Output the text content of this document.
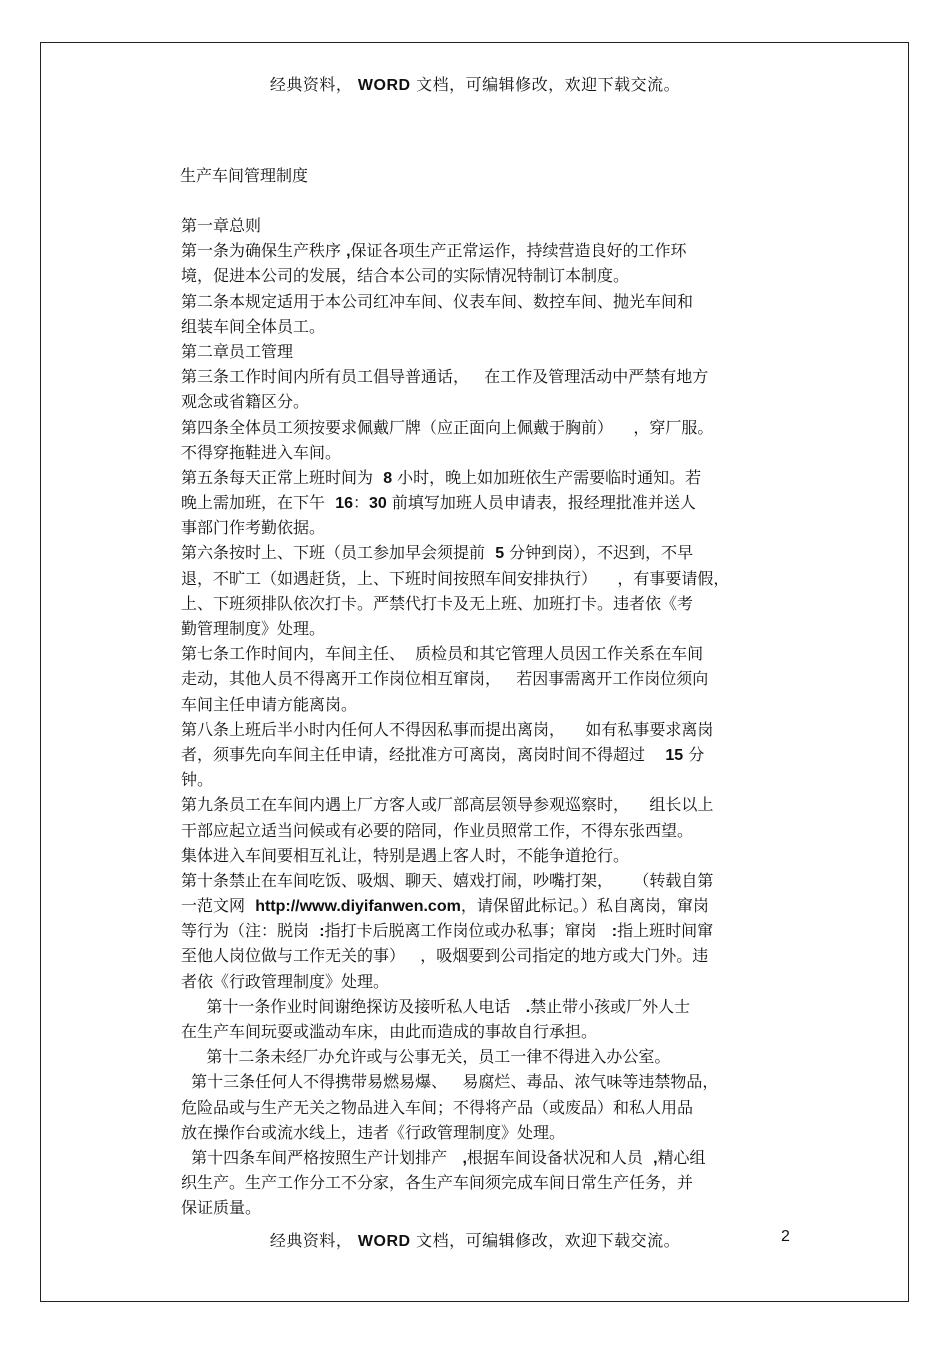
经典资料， WORD 文档，可编辑修改，欢迎下载交流。
生产车间管理制度
第一章总则
第一条为确保生产秩序 ,保证各项生产正常运作，持续营造良好的工作环
境，促进本公司的发展，结合本公司的实际情况特制订本制度。
第二条本规定适用于本公司红冲车间、仪表车间、数控车间、抛光车间和
组装车间全体员工。
第二章员工管理
第三条工作时间内所有员工倡导普通话，   在工作及管理活动中严禁有地方
观念或省籍区分。
第四条全体员工须按要求佩戴厂牌（应正面向上佩戴于胸前）    ，穿厂服。
不得穿拖鞋进入车间。
第五条每天正常上班时间为  8 小时，晚上如加班依生产需要临时通知。若
晚上需加班，在下午  16：30 前填写加班人员申请表，报经理批准并送人
事部门作考勤依据。
第六条按时上、下班（员工参加早会须提前  5 分钟到岗），不迟到，不早
退，不旷工（如遇赶货，上、下班时间按照车间安排执行）    ，有事要请假，
上、下班须排队依次打卡。严禁代打卡及无上班、加班打卡。违者依《考
勤管理制度》处理。
第七条工作时间内，车间主任、  质检员和其它管理人员因工作关系在车间
走动，其他人员不得离开工作岗位相互窜岗，   若因事需离开工作岗位须向
车间主任申请方能离岗。
第八条上班后半小时内任何人不得因私事而提出离岗，    如有私事要求离岗
者，须事先向车间主任申请，经批准方可离岗，离岗时间不得超过    15 分
钟。
第九条员工在车间内遇上厂方客人或厂部高层领导参观巡察时，    组长以上
干部应起立适当问候或有必要的陪同，作业员照常工作，不得东张西望。
集体进入车间要相互礼让，特别是遇上客人时，不能争道抢行。
第十条禁止在车间吃饭、吸烟、聊天、嬉戏打闹，吵嘴打架，    （转载自第
一范文网  http://www.diyifanwen.com，请保留此标记。）私自离岗，窜岗
等行为（注：脱岗  :指打卡后脱离工作岗位或办私事；窜岗   :指上班时间窜
至他人岗位做与工作无关的事）   ，吸烟要到公司指定的地方或大门外。违
者依《行政管理制度》处理。
第十一条作业时间谢绝探访及接听私人电话   .禁止带小孩或厂外人士
在生产车间玩耍或滥动车床，由此而造成的事故自行承担。
第十二条未经厂办允许或与公事无关，员工一律不得进入办公室。
第十三条任何人不得携带易燃易爆、   易腐烂、毒品、浓气味等违禁物品，
危险品或与生产无关之物品进入车间；不得将产品（或废品）和私人用品
放在操作台或流水线上，违者《行政管理制度》处理。
第十四条车间严格按照生产计划排产   ,根据车间设备状况和人员  ,精心组
织生产。生产工作分工不分家，各生产车间须完成车间日常生产任务，并
保证质量。
经典资料， WORD 文档，可编辑修改，欢迎下载交流。	2
